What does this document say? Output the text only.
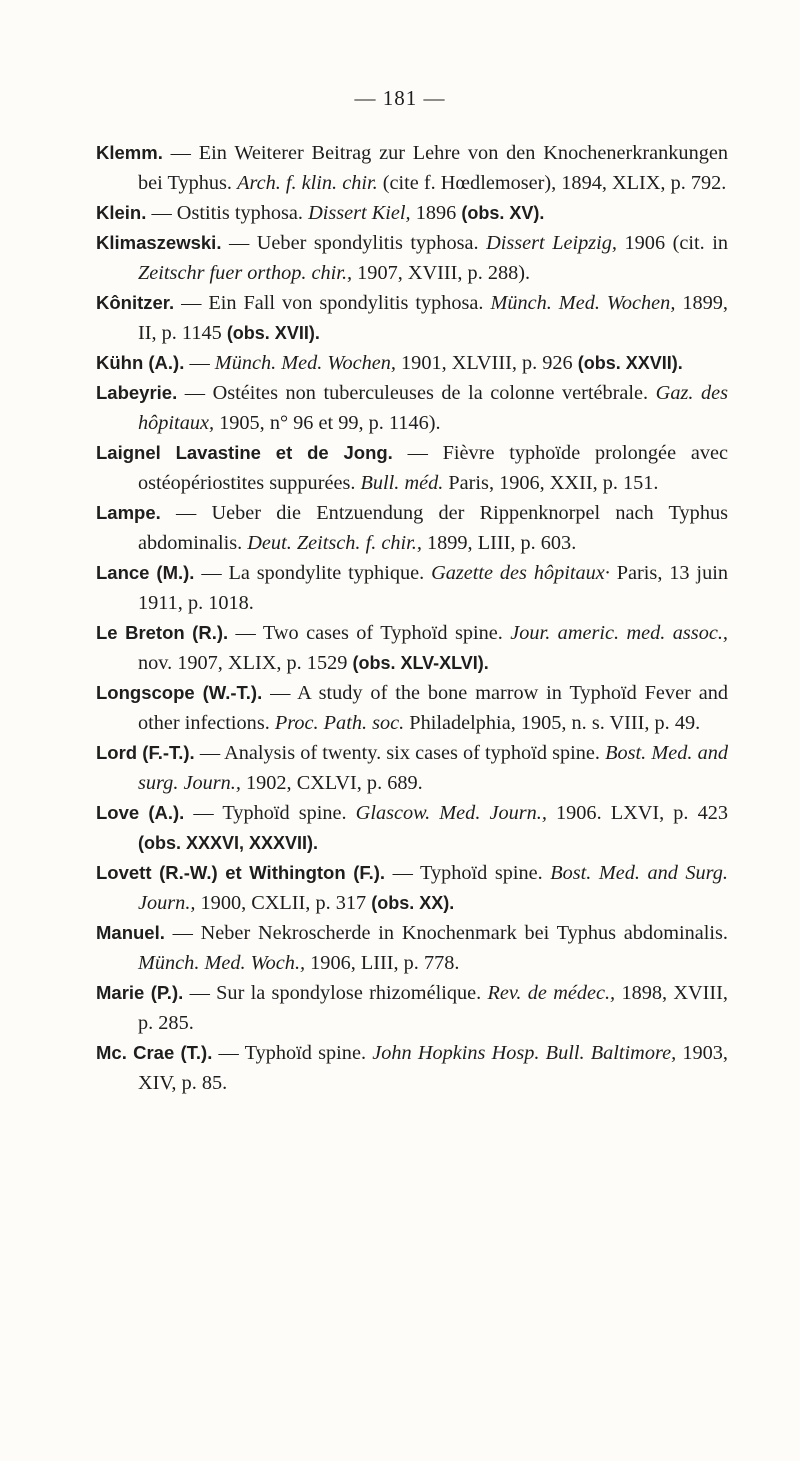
— 181 —

Klemm. — Ein Weiterer Beitrag zur Lehre von den Knochenerkrankungen bei Typhus. Arch. f. klin. chir. (cite f. Hœdlemoser), 1894, XLIX, p. 792.

Klein. — Ostitis typhosa. Dissert Kiel, 1896 (obs. XV).

Klimaszewski. — Ueber spondylitis typhosa. Dissert Leipzig, 1906 (cit. in Zeitschr fuer orthop. chir., 1907, XVIII, p. 288).

Kônitzer. — Ein Fall von spondylitis typhosa. Münch. Med. Wochen, 1899, II, p. 1145 (obs. XVII).

Kühn (A.). — Münch. Med. Wochen, 1901, XLVIII, p. 926 (obs. XXVII).

Labeyrie. — Ostéites non tuberculeuses de la colonne vertébrale. Gaz. des hôpitaux, 1905, n° 96 et 99, p. 1146).

Laignel Lavastine et de Jong. — Fièvre typhoïde prolongée avec ostéopériostites suppurées. Bull. méd. Paris, 1906, XXII, p. 151.

Lampe. — Ueber die Entzuendung der Rippenknorpel nach Typhus abdominalis. Deut. Zeitsch. f. chir., 1899, LIII, p. 603.

Lance (M.). — La spondylite typhique. Gazette des hôpitaux· Paris, 13 juin 1911, p. 1018.

Le Breton (R.). — Two cases of Typhoïd spine. Jour. americ. med. assoc., nov. 1907, XLIX, p. 1529 (obs. XLV-XLVI).

Longscope (W.-T.). — A study of the bone marrow in Typhoïd Fever and other infections. Proc. Path. soc. Philadelphia, 1905, n. s. VIII, p. 49.

Lord (F.-T.). — Analysis of twenty. six cases of typhoïd spine. Bost. Med. and surg. Journ., 1902, CXLVI, p. 689.

Love (A.). — Typhoïd spine. Glascow. Med. Journ., 1906. LXVI, p. 423 (obs. XXXVI, XXXVII).

Lovett (R.-W.) et Withington (F.). — Typhoïd spine. Bost. Med. and Surg. Journ., 1900, CXLII, p. 317 (obs. XX).

Manuel. — Neber Nekroscherde in Knochenmark bei Typhus abdominalis. Münch. Med. Woch., 1906, LIII, p. 778.

Marie (P.). — Sur la spondylose rhizomélique. Rev. de médec., 1898, XVIII, p. 285.

Mc. Crae (T.). — Typhoïd spine. John Hopkins Hosp. Bull. Baltimore, 1903, XIV, p. 85.
